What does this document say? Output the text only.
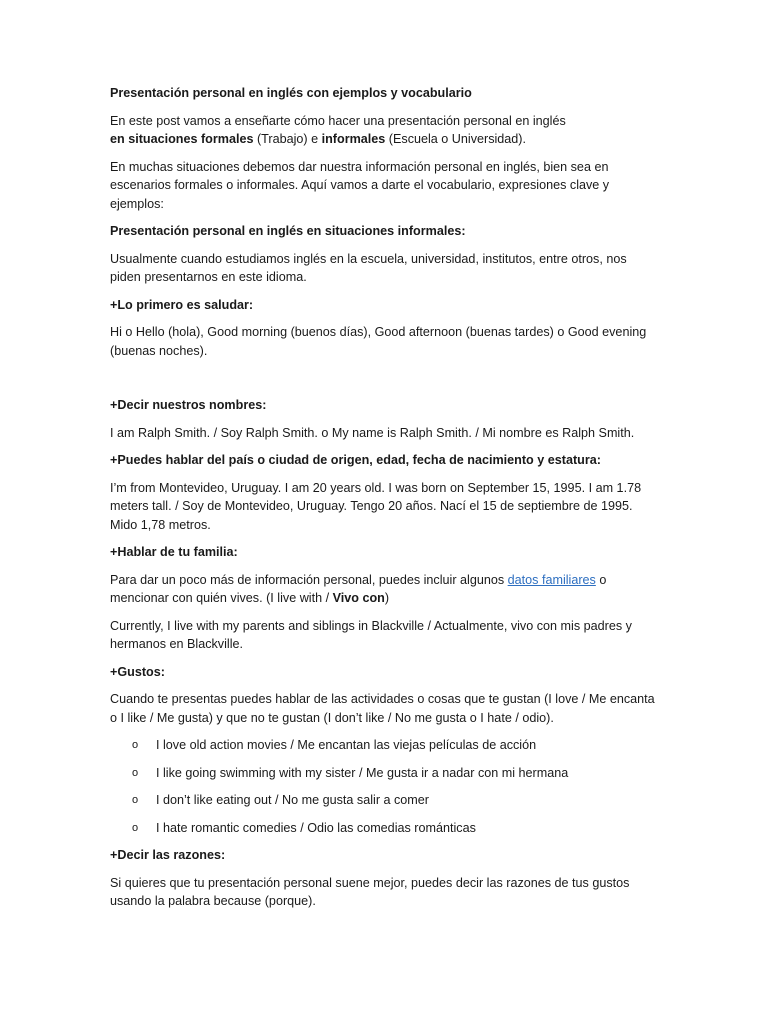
Presentación personal en inglés con ejemplos y vocabulario

En este post vamos a enseñarte cómo hacer una presentación personal en inglés
en situaciones formales (Trabajo) e informales (Escuela o Universidad).

En muchas situaciones debemos dar nuestra información personal en inglés, bien sea en escenarios formales o informales. Aquí vamos a darte el vocabulario, expresiones clave y ejemplos:

Presentación personal en inglés en situaciones informales:

Usualmente cuando estudiamos inglés en la escuela, universidad, institutos, entre otros, nos piden presentarnos en este idioma.

+Lo primero es saludar:

Hi o Hello (hola), Good morning (buenos días), Good afternoon (buenas tardes) o Good evening (buenas noches).

+Decir nuestros nombres:

I am Ralph Smith. / Soy Ralph Smith. o My name is Ralph Smith. / Mi nombre es Ralph Smith.

+Puedes hablar del país o ciudad de origen, edad, fecha de nacimiento y estatura:

I’m from Montevideo, Uruguay. I am 20 years old. I was born on September 15, 1995. I am 1.78 meters tall. / Soy de Montevideo, Uruguay. Tengo 20 años. Nací el 15 de septiembre de 1995. Mido 1,78 metros.

+Hablar de tu familia:

Para dar un poco más de información personal, puedes incluir algunos datos familiares o mencionar con quién vives. (I live with / Vivo con)

Currently, I live with my parents and siblings in Blackville / Actualmente, vivo con mis padres y hermanos en Blackville.

+Gustos:

Cuando te presentas puedes hablar de las actividades o cosas que te gustan (I love / Me encanta o I like / Me gusta) y que no te gustan (I don’t like / No me gusta o I hate / odio).

o I love old action movies / Me encantan las viejas películas de acción
o I like going swimming with my sister / Me gusta ir a nadar con mi hermana
o I don’t like eating out / No me gusta salir a comer
o I hate romantic comedies / Odio las comedias románticas

+Decir las razones:

Si quieres que tu presentación personal suene mejor, puedes decir las razones de tus gustos usando la palabra because (porque).
